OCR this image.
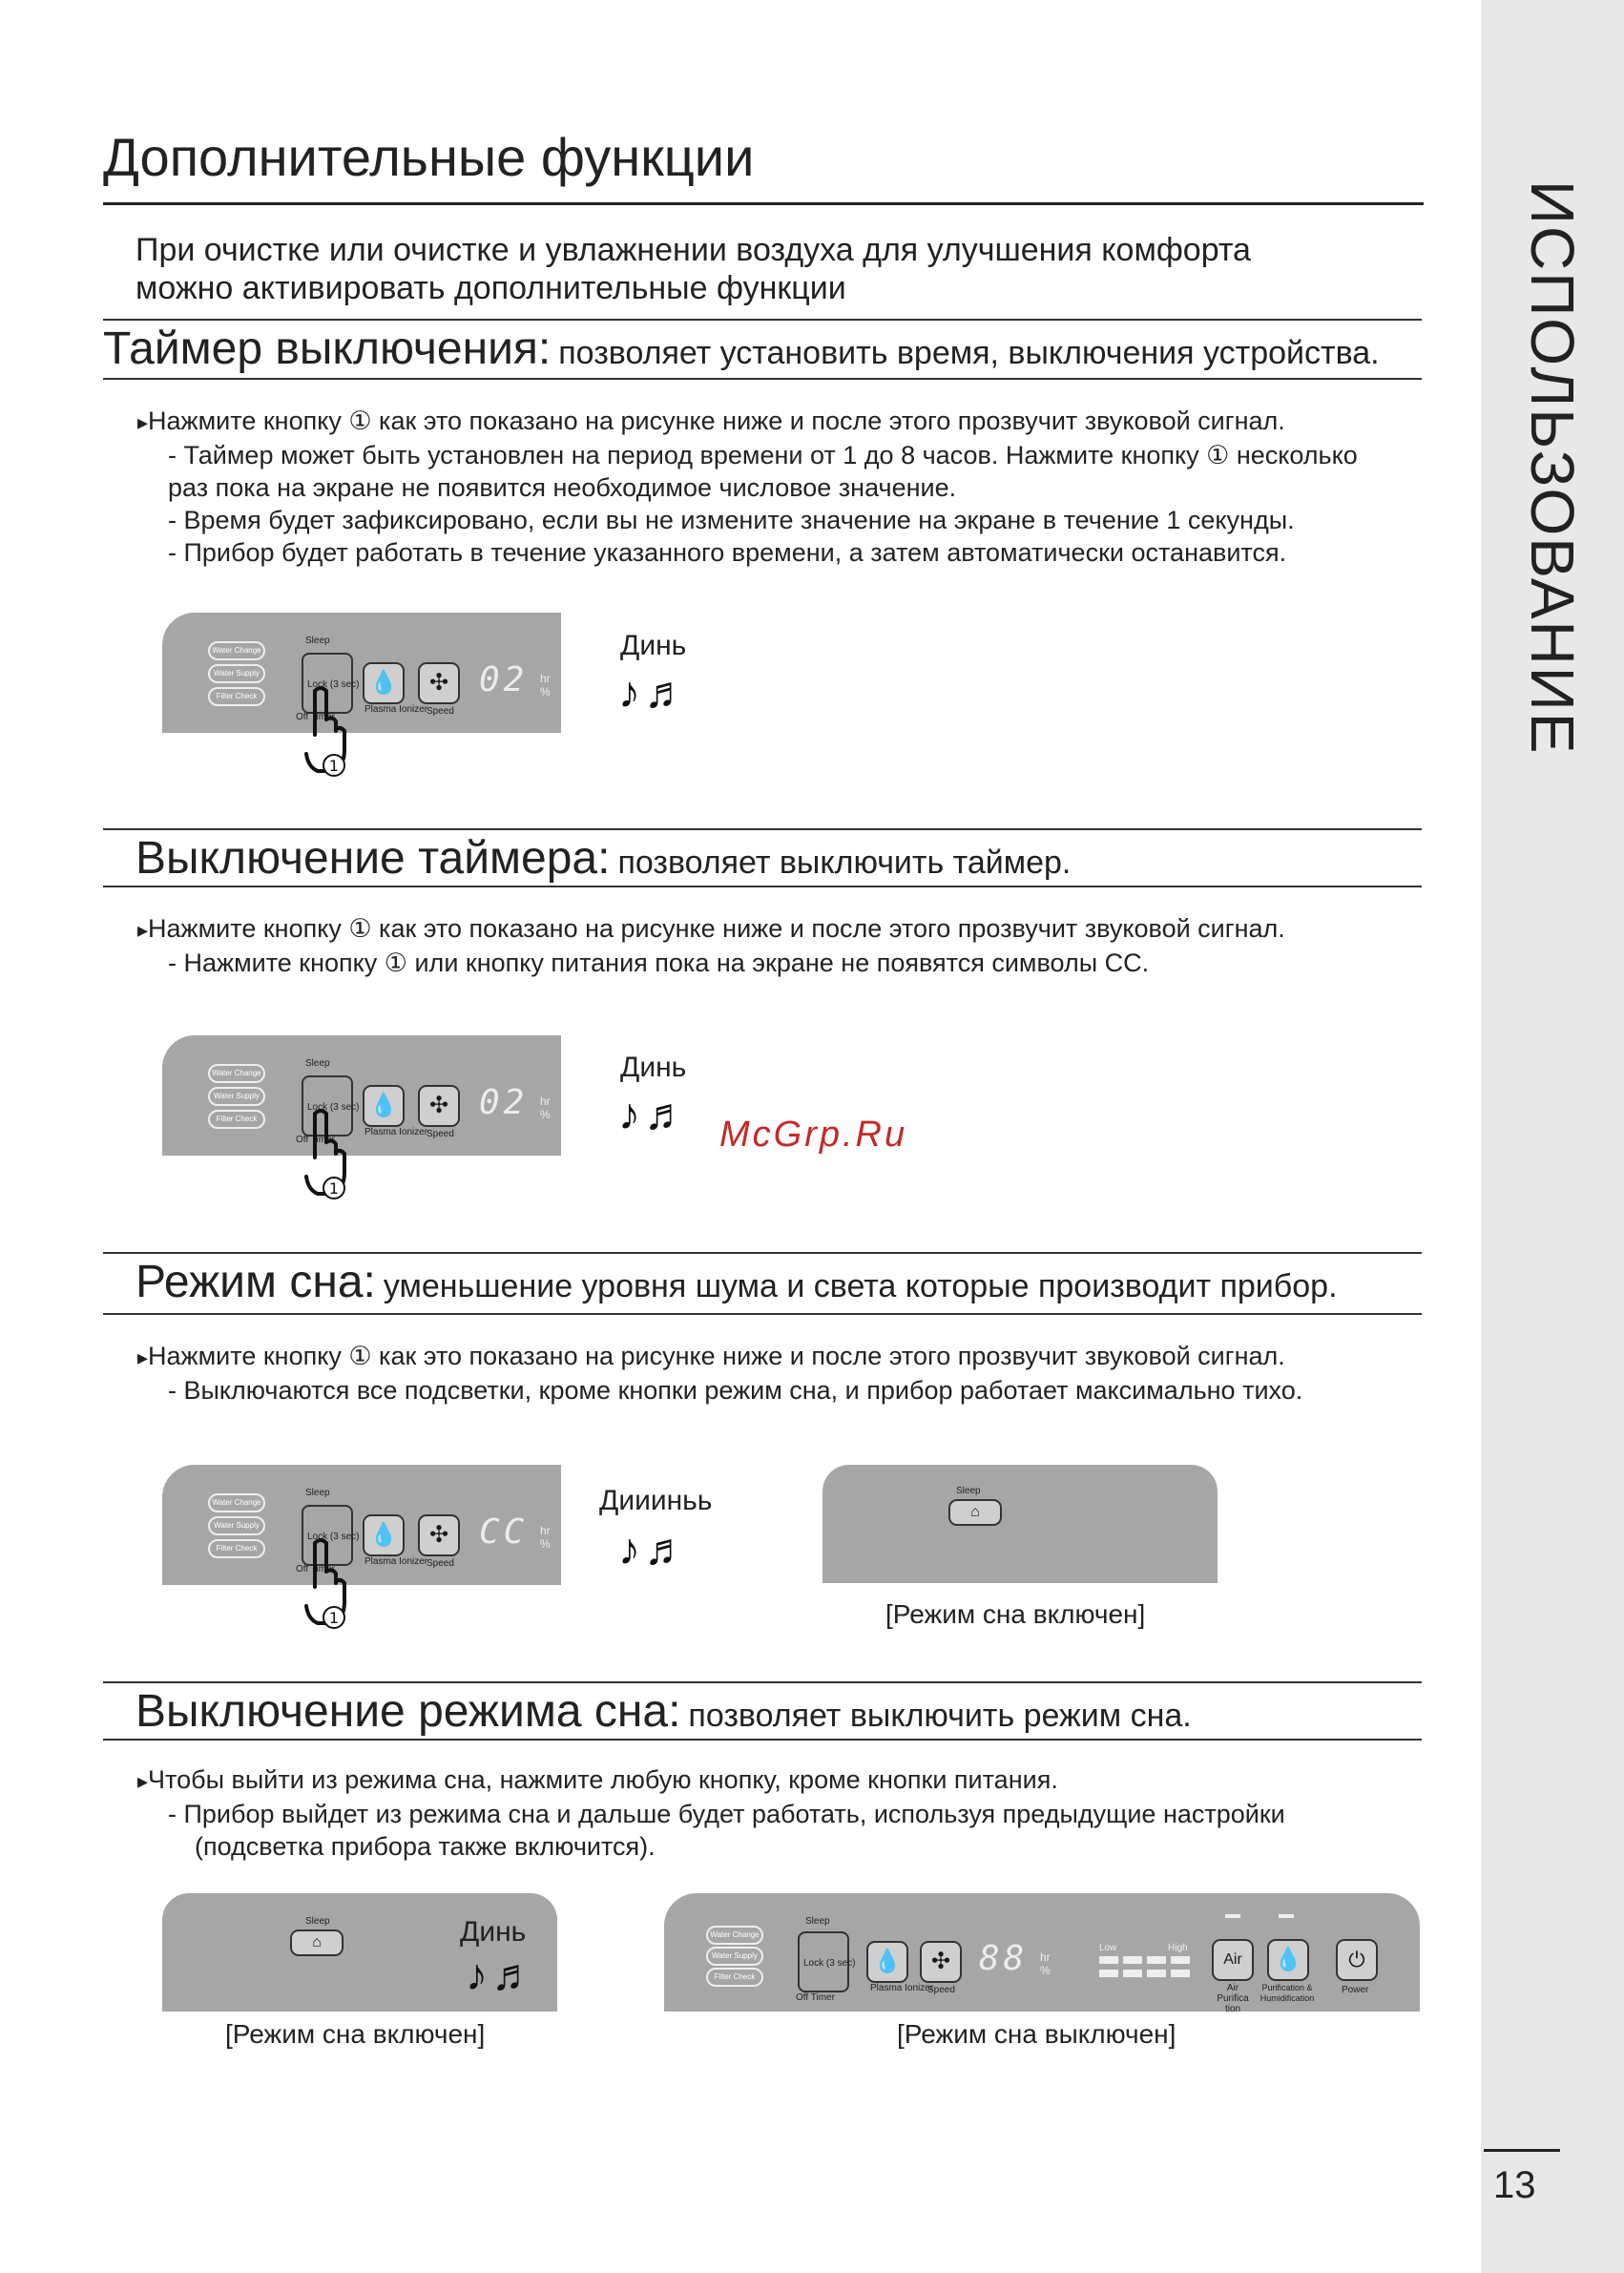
ИСПОЛЬЗОВАНИЕ
13
Дополнительные функции
При очистке или очистке и увлажнении воздуха для улучшения комфорта
можно активировать дополнительные функции
Таймер выключения: позволяет установить время, выключения устройства.
▸ Нажмите кнопку ① как это показано на рисунке ниже и после этого прозвучит звуковой сигнал.
- Таймер может быть установлен на период времени от 1 до 8 часов. Нажмите кнопку ① несколько
раз пока на экране не появится необходимое числовое значение.
- Время будет зафиксировано, если вы не измените значение на экране в течение 1 секунды.
- Прибор будет работать в течение указанного времени, а затем автоматически останавится.
Water Change
Water Supply
Filter Check
Sleep
Lock (3 sec)
Off Timer
💧
Plasma Ionizer
✣
Speed
02 hr
%
1
Динь
♪♬
Выключение таймера: позволяет выключить таймер.
▸ Нажмите кнопку ① как это показано на рисунке ниже и после этого прозвучит звуковой сигнал.
- Нажмите кнопку ① или кнопку питания пока на экране не появятся символы CC.
Water Change
Water Supply
Filter Check
Sleep
Lock (3 sec)
Off Timer
💧
Plasma Ionizer
✣
Speed
02 hr
%
1
Динь
♪♬ McGrp.Ru
Режим сна: уменьшение уровня шума и света которые производит прибор.
▸ Нажмите кнопку ① как это показано на рисунке ниже и после этого прозвучит звуковой сигнал.
- Выключаются все подсветки, кроме кнопки режим сна, и прибор работает максимально тихо.
Water Change
Water Supply
Filter Check
Sleep
Lock (3 sec)
Off Timer
💧
Plasma Ionizer
✣
Speed
CC hr
%
1
Диииньь
♪♬
Sleep
⌂
[Режим сна включен]
Выключение режима сна: позволяет выключить режим сна.
▸ Чтобы выйти из режима сна, нажмите любую кнопку, кроме кнопки питания.
- Прибор выйдет из режима сна и дальше будет работать, используя предыдущие настройки
(подсветка прибора также включится).
Sleep
⌂	Динь
♪♬
[Режим сна включен]
Water Change
Water Supply
Filter Check
Sleep
Lock (3 sec)
Off Timer
💧
Plasma Ionizer
✣
Speed
88 hr
%
Low	High
Air
Air Purifica tion
💧
Purification & Humidification
⏻
Power
[Режим сна выключен]
